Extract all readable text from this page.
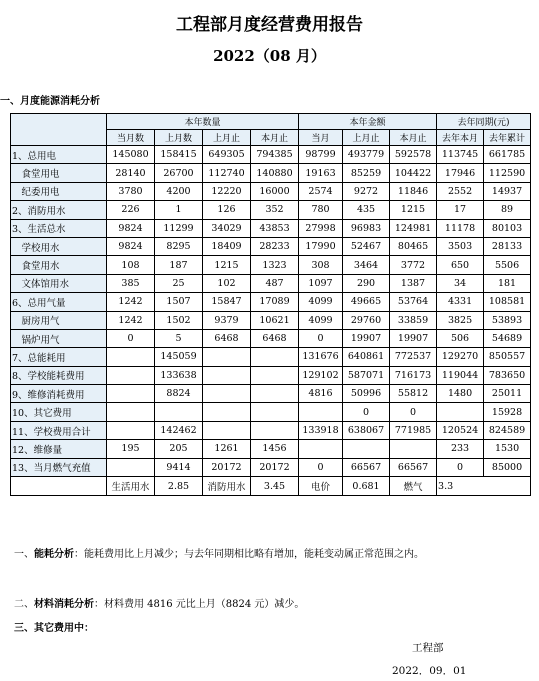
工程部月度经营费用报告
2022（08 月）
一、月度能源消耗分析
	本年数量				本年金额			去年同期(元)	
	当月数	上月数	上月止	本月止	当月	上月止	本月止	去年本月	去年累计
1、总用电	145080	158415	649305	794385	98799	493779	592578	113745	661785
　食堂用电	28140	26700	112740	140880	19163	85259	104422	17946	112590
　纪委用电	3780	4200	12220	16000	2574	9272	11846	2552	14937
2、消防用水	226	1	126	352	780	435	1215	17	89
3、生活总水	9824	11299	34029	43853	27998	96983	124981	11178	80103
　学校用水	9824	8295	18409	28233	17990	52467	80465	3503	28133
　食堂用水	108	187	1215	1323	308	3464	3772	650	5506
　文体馆用水	385	25	102	487	1097	290	1387	34	181
6、总用气量	1242	1507	15847	17089	4099	49665	53764	4331	108581
　厨房用气	1242	1502	9379	10621	4099	29760	33859	3825	53893
　锅炉用气	0	5	6468	6468	0	19907	19907	506	54689
7、总能耗用		145059			131676	640861	772537	129270	850557
8、学校能耗费用		133638			129102	587071	716173	119044	783650
9、维修消耗费用		8824			4816	50996	55812	1480	25011
10、其它费用						0	0		15928
11、学校费用合计		142462			133918	638067	771985	120524	824589
12、维修量	195	205	1261	1456				233	1530
13、当月燃气充值		9414	20172	20172	0	66567	66567	0	85000
	生活用水	2.85	消防用水	3.45	电价	0.681	燃气	3.3	
一、能耗分析：能耗费用比上月减少；与去年同期相比略有增加，能耗变动属正常范围之内。
二、材料消耗分析：材料费用 4816 元比上月（8824 元）减少。
三、其它费用中：
工程部
2022．09．01
